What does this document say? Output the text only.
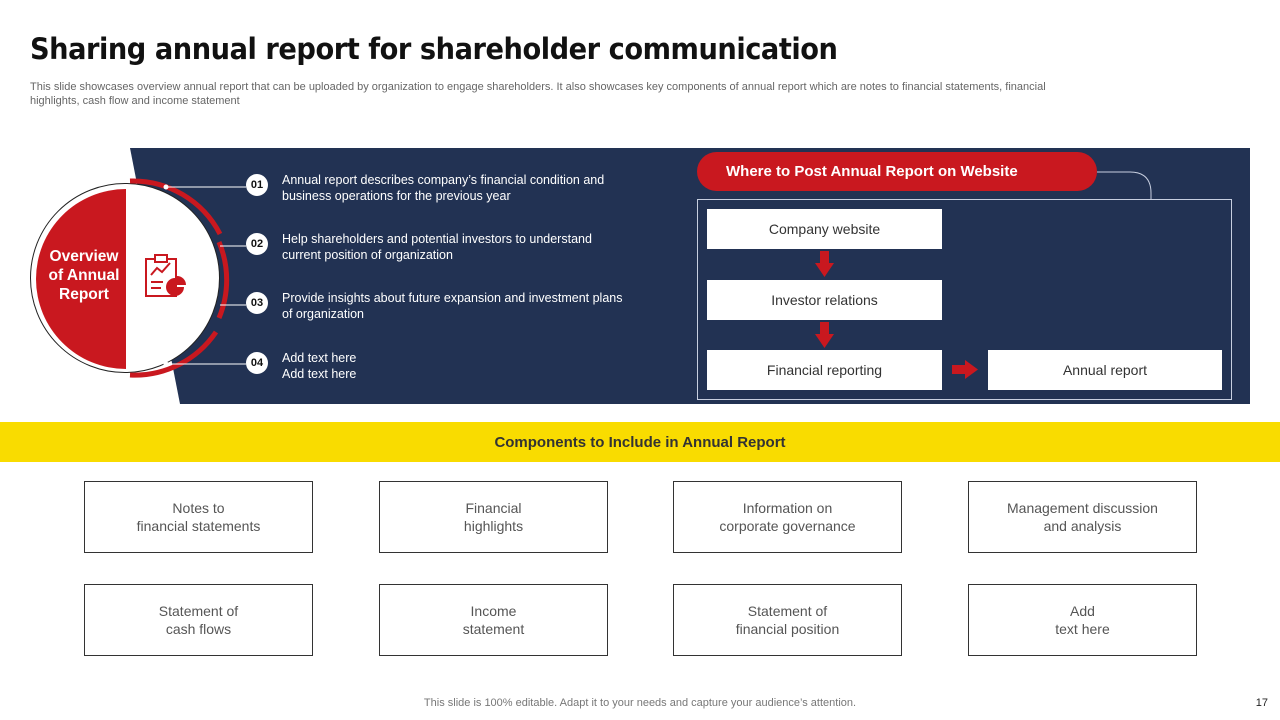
Sharing annual report for shareholder communication
This slide showcases overview annual report that can be uploaded by organization to engage shareholders. It also showcases key components of annual report which are notes to financial statements, financial highlights, cash flow and income statement
Overview of Annual Report
01	Annual report describes company’s financial condition and business operations for the previous year
02	Help shareholders and potential investors to understand current position of organization
03	Provide insights about future expansion and investment plans of organization
04	Add text here
Add text here
Where to Post Annual Report on Website
Company website
Investor relations
Financial reporting	Annual report
Components to Include in Annual Report
Notes to
financial statements
Financial
highlights
Information on
corporate governance
Management discussion
and analysis
Statement of
cash flows
Income
statement
Statement of
financial position
Add
text here
This slide is 100% editable. Adapt it to your needs and capture your audience’s attention.	17
